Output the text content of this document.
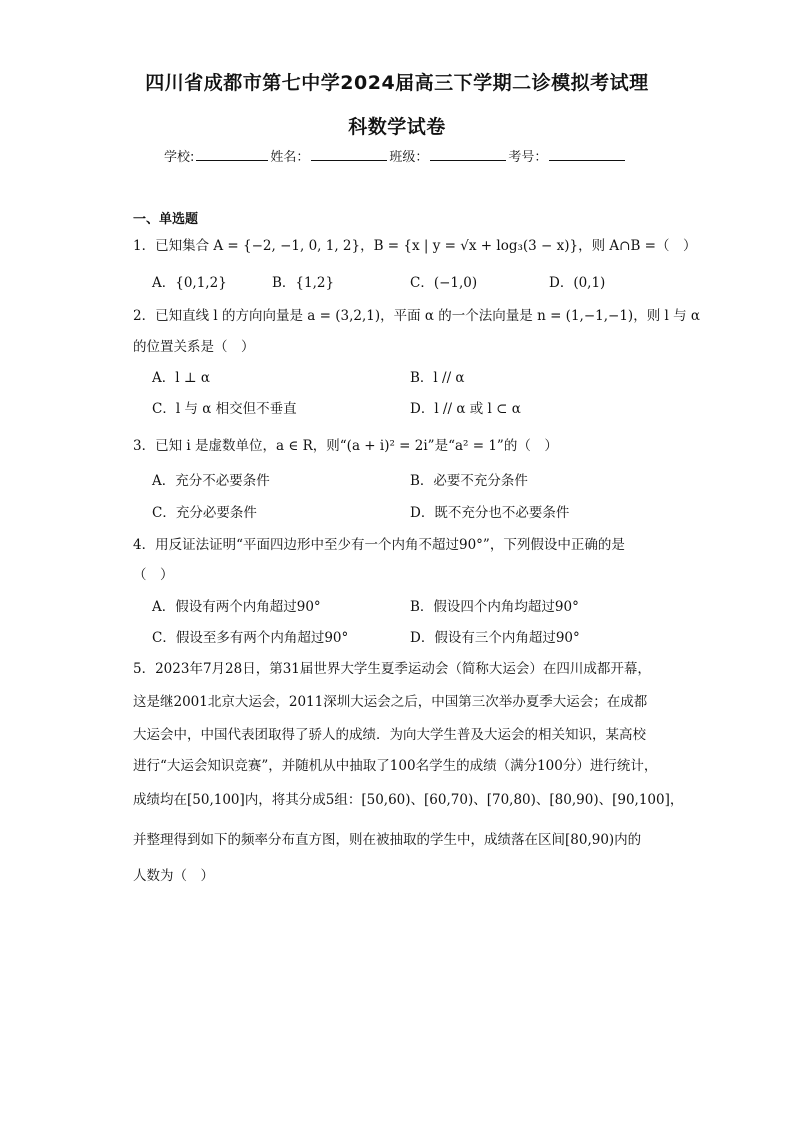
四川省成都市第七中学2024届高三下学期二诊模拟考试理
科数学试卷
学校:	姓名：	班级：	考号：
一、单选题
1．已知集合 A = {−2, −1, 0, 1, 2}，B = {x | y = √x + log₃(3 − x)}，则 A∩B =（　）
A．{0,1,2}	B．{1,2}	C．(−1,0)	D．(0,1)
2．已知直线 l 的方向向量是 a = (3,2,1)，平面 α 的一个法向量是 n = (1,−1,−1)，则 l 与 α
的位置关系是（　）
A．l ⊥ α	B．l // α
C．l 与 α 相交但不垂直	D．l // α 或 l ⊂ α
3．已知 i 是虚数单位，a ∈ R，则“(a + i)² = 2i”是“a² = 1”的（　）
A．充分不必要条件	B．必要不充分条件
C．充分必要条件	D．既不充分也不必要条件
4．用反证法证明“平面四边形中至少有一个内角不超过90°”，下列假设中正确的是
（　）
A．假设有两个内角超过90°	B．假设四个内角均超过90°
C．假设至多有两个内角超过90°	D．假设有三个内角超过90°
5．2023年7月28日，第31届世界大学生夏季运动会（简称大运会）在四川成都开幕，
这是继2001北京大运会，2011深圳大运会之后，中国第三次举办夏季大运会；在成都
大运会中，中国代表团取得了骄人的成绩．为向大学生普及大运会的相关知识，某高校
进行“大运会知识竞赛”，并随机从中抽取了100名学生的成绩（满分100分）进行统计，
成绩均在[50,100]内，将其分成5组：[50,60)、[60,70)、[70,80)、[80,90)、[90,100]，
并整理得到如下的频率分布直方图，则在被抽取的学生中，成绩落在区间[80,90)内的
人数为（　）
